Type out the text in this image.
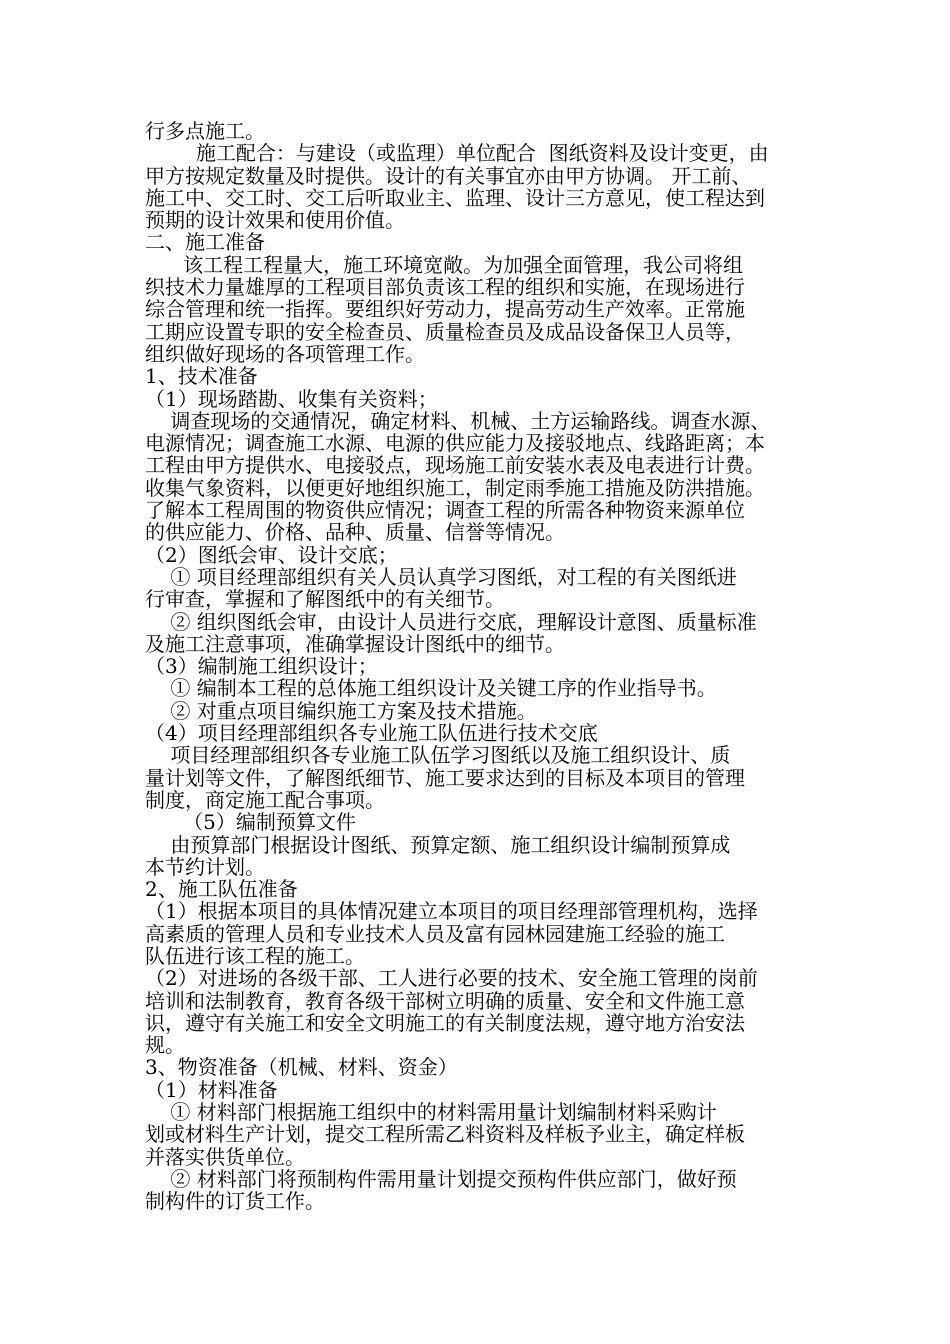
行多点施工。
施工配合：与建设（或监理）单位配合  图纸资料及设计变更，由
甲方按规定数量及时提供。设计的有关事宜亦由甲方协调。 开工前、
施工中、交工时、交工后听取业主、监理、设计三方意见，使工程达到
预期的设计效果和使用价值。
二、施工准备
该工程工程量大，施工环境宽敞。为加强全面管理，我公司将组
织技术力量雄厚的工程项目部负责该工程的组织和实施，在现场进行
综合管理和统一指挥。要组织好劳动力，提高劳动生产效率。正常施
工期应设置专职的安全检查员、质量检查员及成品设备保卫人员等，
组织做好现场的各项管理工作。
1、技术准备
（1）现场踏勘、收集有关资料；
调查现场的交通情况，确定材料、机械、土方运输路线。调查水源、
电源情况；调查施工水源、电源的供应能力及接驳地点、线路距离；本
工程由甲方提供水、电接驳点，现场施工前安装水表及电表进行计费。
收集气象资料，以便更好地组织施工，制定雨季施工措施及防洪措施。
了解本工程周围的物资供应情况；调查工程的所需各种物资来源单位
的供应能力、价格、品种、质量、信誉等情况。
（2）图纸会审、设计交底；
① 项目经理部组织有关人员认真学习图纸，对工程的有关图纸进
行审查，掌握和了解图纸中的有关细节。
② 组织图纸会审，由设计人员进行交底，理解设计意图、质量标准
及施工注意事项，准确掌握设计图纸中的细节。
（3）编制施工组织设计；
① 编制本工程的总体施工组织设计及关键工序的作业指导书。
② 对重点项目编织施工方案及技术措施。
（4）项目经理部组织各专业施工队伍进行技术交底
项目经理部组织各专业施工队伍学习图纸以及施工组织设计、质
量计划等文件，了解图纸细节、施工要求达到的目标及本项目的管理
制度，商定施工配合事项。
（5）编制预算文件
由预算部门根据设计图纸、预算定额、施工组织设计编制预算成
本节约计划。
2、施工队伍准备
（1）根据本项目的具体情况建立本项目的项目经理部管理机构，选择
高素质的管理人员和专业技术人员及富有园林园建施工经验的施工
队伍进行该工程的施工。
（2）对进场的各级干部、工人进行必要的技术、安全施工管理的岗前
培训和法制教育，教育各级干部树立明确的质量、安全和文件施工意
识，遵守有关施工和安全文明施工的有关制度法规，遵守地方治安法
规。
3、物资准备（机械、材料、资金）
（1）材料准备
① 材料部门根据施工组织中的材料需用量计划编制材料采购计
划或材料生产计划，提交工程所需乙料资料及样板予业主，确定样板
并落实供货单位。
② 材料部门将预制构件需用量计划提交预构件供应部门，做好预
制构件的订货工作。
